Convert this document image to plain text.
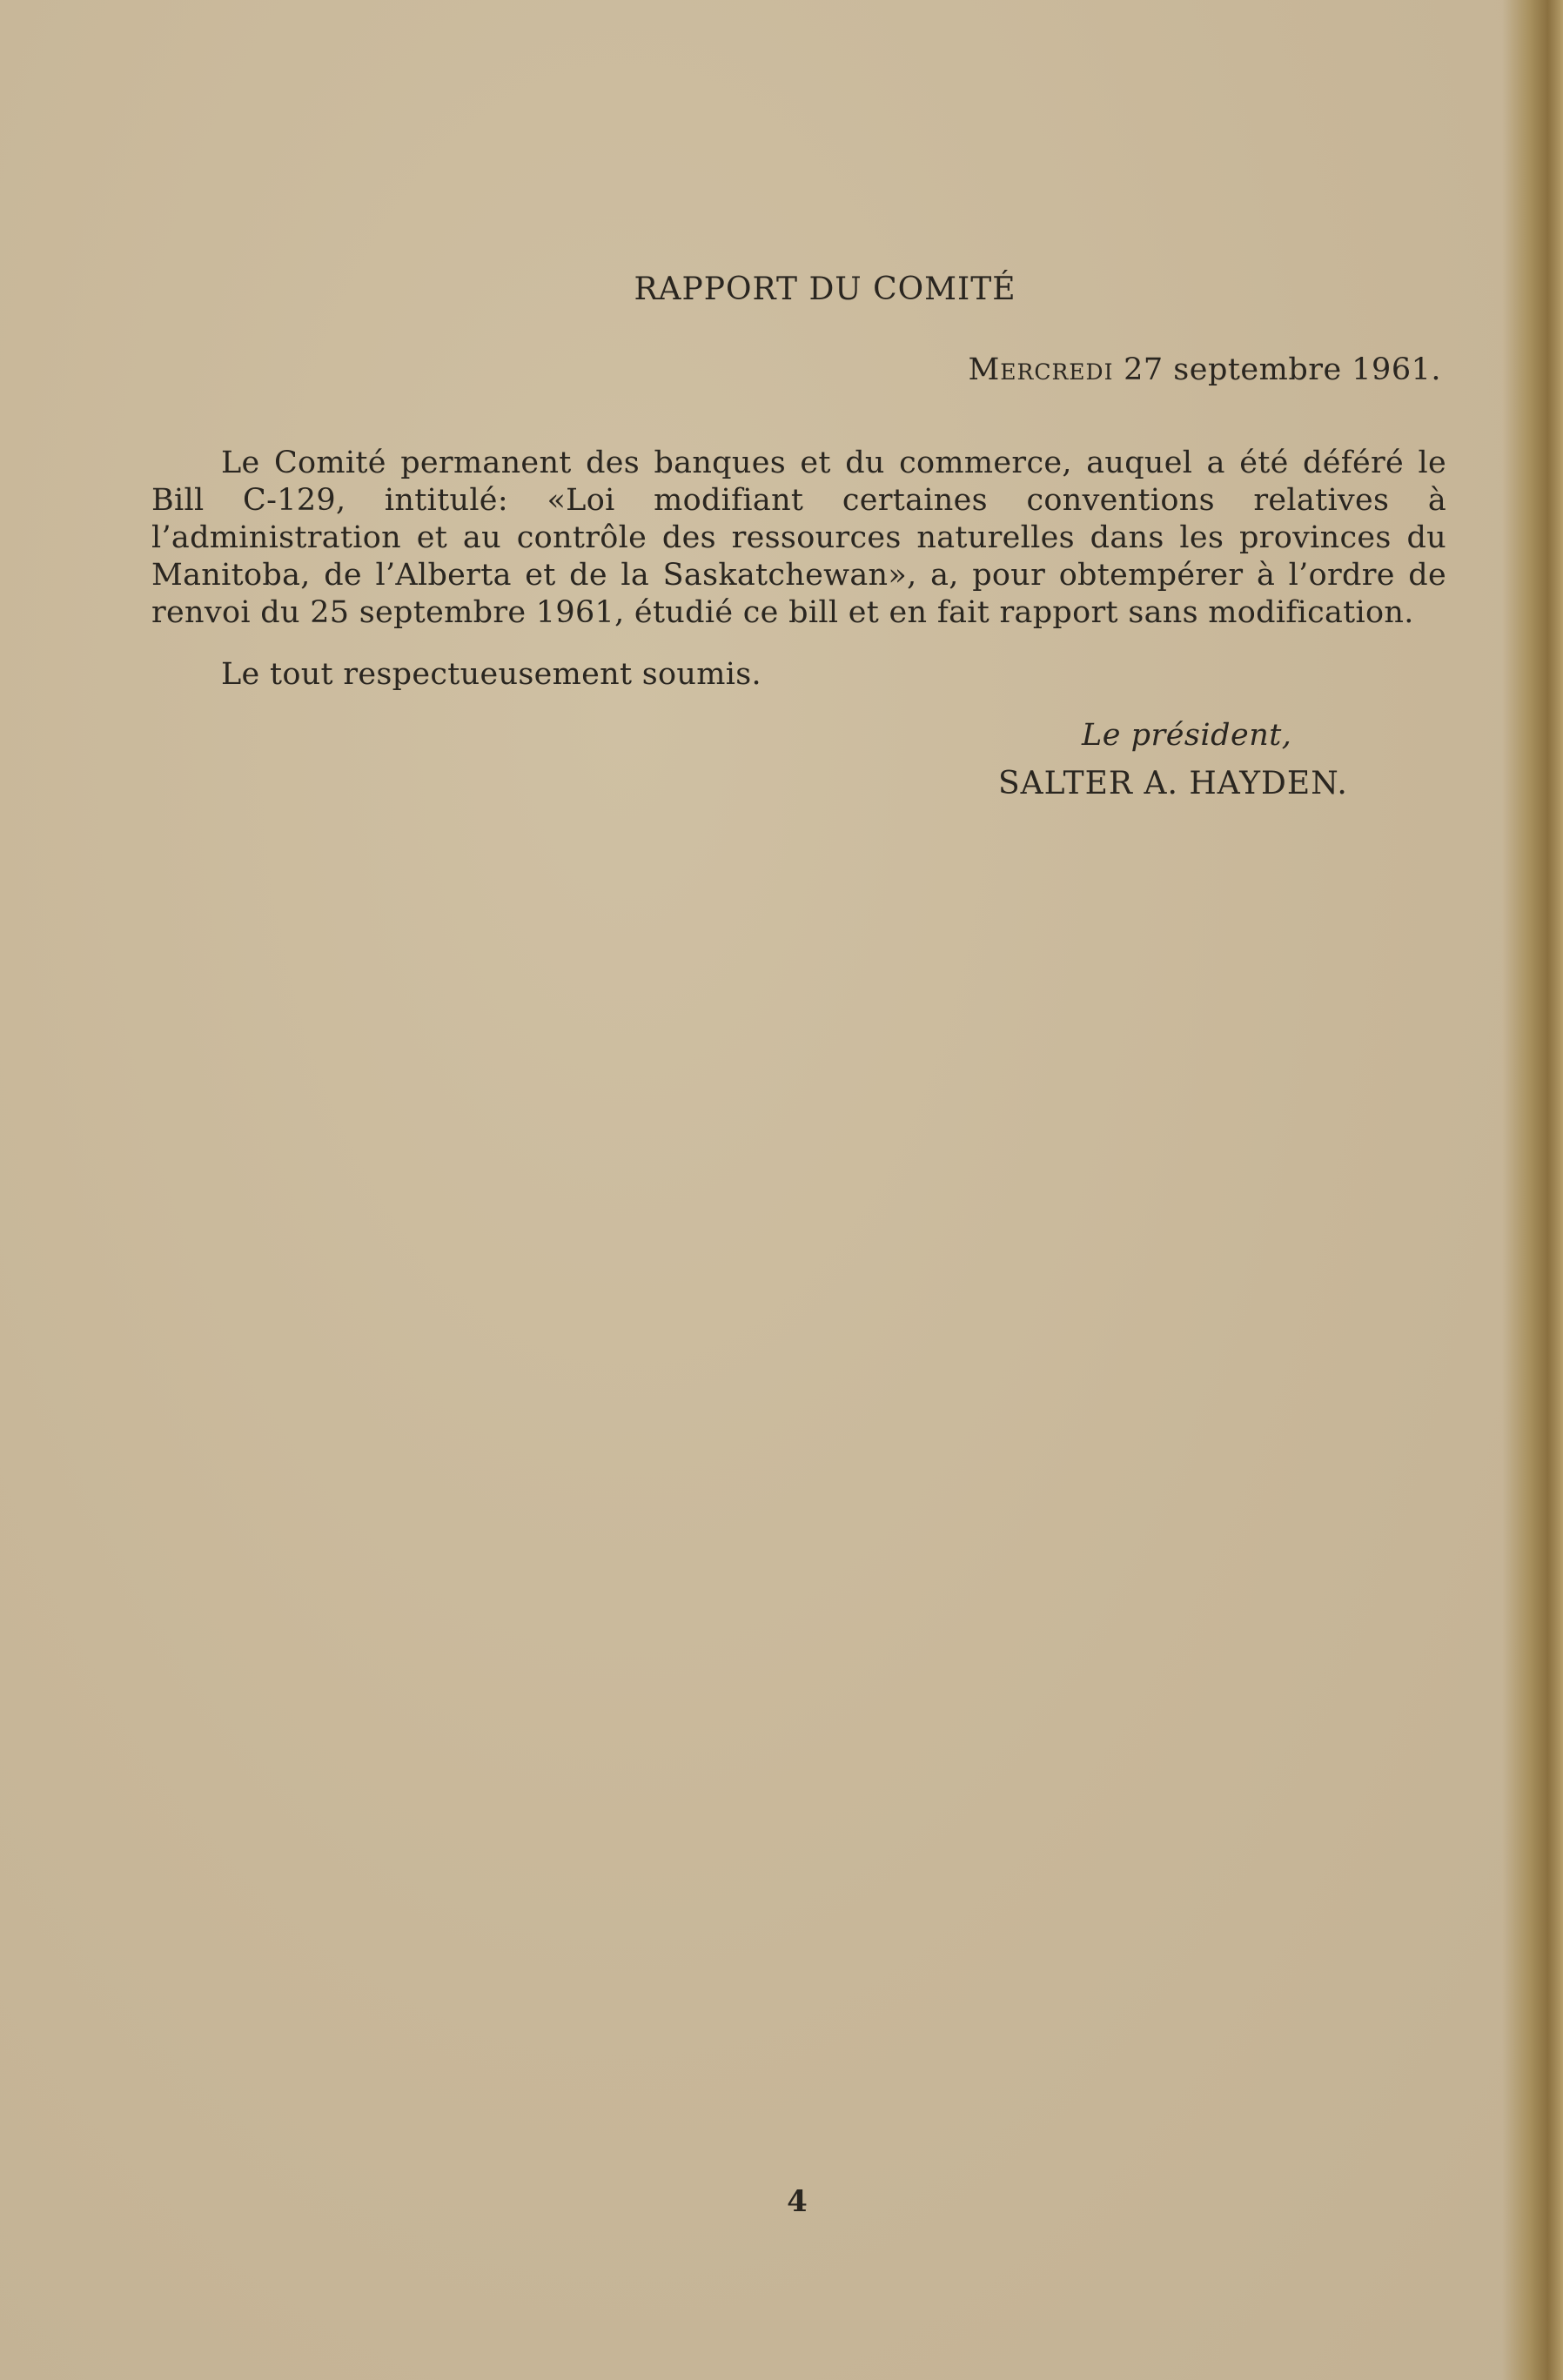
RAPPORT DU COMITÉ
Mercredi 27 septembre 1961.

Le Comité permanent des banques et du commerce, auquel a été déféré le Bill C-129, intitulé: «Loi modifiant certaines conventions relatives à l’administration et au contrôle des ressources naturelles dans les provinces du Manitoba, de l’Alberta et de la Saskatchewan», a, pour obtempérer à l’ordre de renvoi du 25 septembre 1961, étudié ce bill et en fait rapport sans modification.

Le tout respectueusement soumis.
Le président,
SALTER A. HAYDEN.
4
